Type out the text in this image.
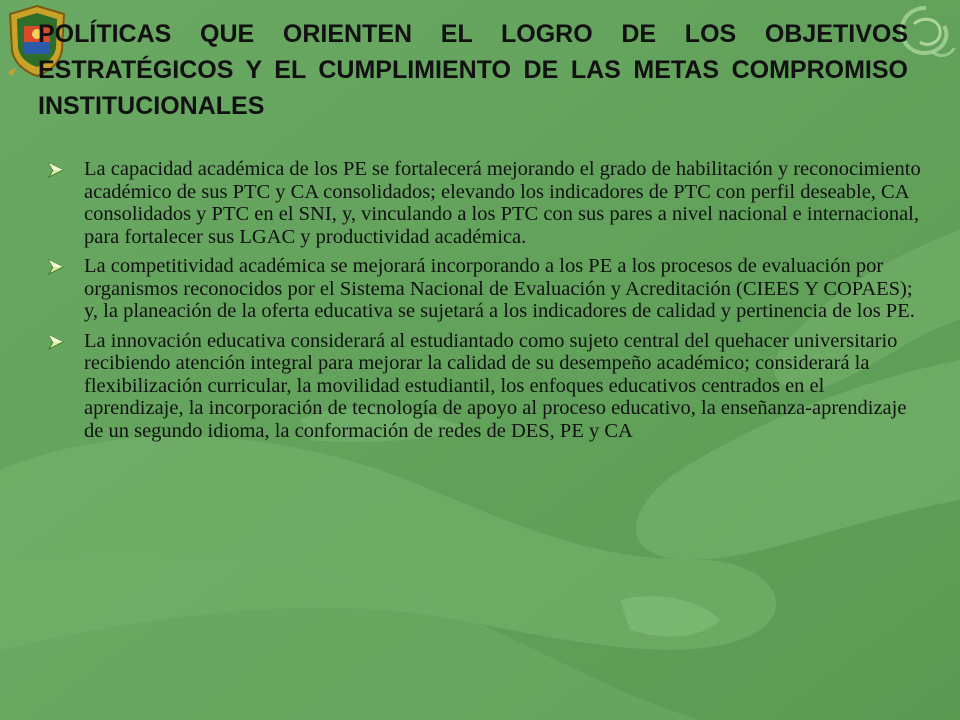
POLÍTICAS QUE ORIENTEN EL LOGRO DE LOS OBJETIVOS ESTRATÉGICOS Y EL CUMPLIMIENTO DE LAS METAS COMPROMISO INSTITUCIONALES
La capacidad académica de los PE se fortalecerá mejorando el grado de habilitación y reconocimiento académico de sus PTC y CA consolidados; elevando los indicadores de PTC con perfil deseable, CA consolidados y PTC en el SNI, y, vinculando a los PTC con sus pares a nivel nacional e internacional, para fortalecer sus LGAC y productividad académica.
La competitividad académica se mejorará incorporando a los PE a los procesos de evaluación por organismos reconocidos por el Sistema Nacional de Evaluación y Acreditación (CIEES Y COPAES); y, la planeación de la oferta educativa se sujetará a los indicadores de calidad y pertinencia de los PE.
La innovación educativa considerará al estudiantado como sujeto central del quehacer universitario recibiendo atención integral para mejorar la calidad de su desempeño académico; considerará la flexibilización curricular, la movilidad estudiantil, los enfoques educativos centrados en el aprendizaje, la incorporación de tecnología de apoyo al proceso educativo, la enseñanza-aprendizaje de un segundo idioma, la conformación de redes de DES, PE y CA
